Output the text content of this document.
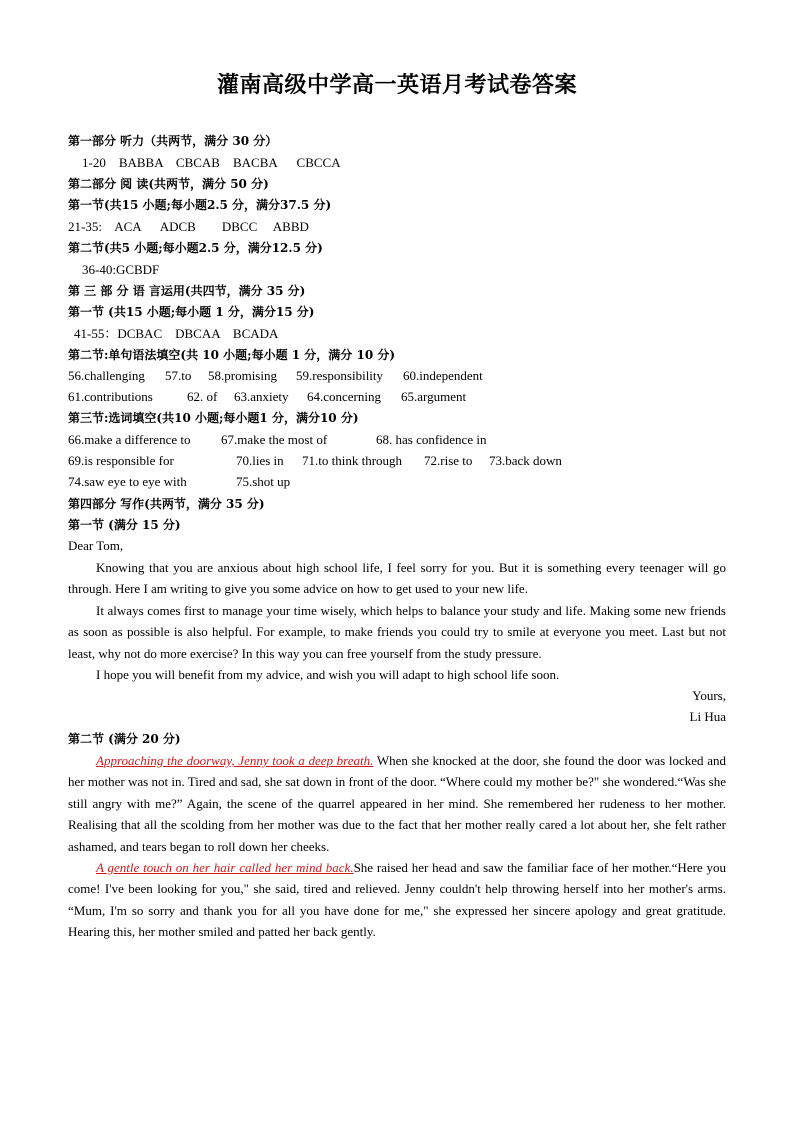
灌南高级中学高一英语月考试卷答案
第一部分 听力（共两节，满分 30 分）
1-20    BABBA    CBCAB    BACBA      CBCCA
第二部分 阅 读(共两节，满分 50 分)
第一节(共15 小题;每小题2.5 分，满分37.5 分)
21-35:    ACA      ADCB        DBCC     ABBD
第二节(共5 小题;每小题2.5 分，满分12.5 分)
36-40:GCBDF
第 三 部 分 语 言运用(共四节，满分 35 分)
第一节 (共15 小题;每小题 1 分，满分15 分)
41-55：DCBAC    DBCAA    BCADA
第二节:单句语法填空(共 10 小题;每小题 1 分，满分 10 分)
56.challenging 57.to 58.promising 59.responsibility 60.independent
61.contributions	62. of 63.anxiety 64.concerning 65.argument
第三节:选词填空(共10 小题;每小题1 分，满分10 分)
66.make a difference to 67.make the most of	68. has confidence in
69.is responsible for	70.lies in 71.to think through 72.rise to 73.back down
74.saw eye to eye with	75.shot up
第四部分 写作(共两节，满分 35 分)
第一节 (满分 15 分)
Dear Tom,
Knowing that you are anxious about high school life, I feel sorry for you. But it is something every teenager will go through. Here I am writing to give you some advice on how to get used to your new life.
It always comes first to manage your time wisely, which helps to balance your study and life. Making some new friends as soon as possible is also helpful. For example, to make friends you could try to smile at everyone you meet. Last but not least, why not do more exercise? In this way you can free yourself from the study pressure.
I hope you will benefit from my advice, and wish you will adapt to high school life soon.
Yours,
Li Hua
第二节 (满分 20 分)
Approaching the doorway, Jenny took a deep breath. When she knocked at the door, she found the door was locked and her mother was not in. Tired and sad, she sat down in front of the door. “Where could my mother be?" she wondered.“Was she still angry with me?” Again, the scene of the quarrel appeared in her mind. She remembered her rudeness to her mother. Realising that all the scolding from her mother was due to the fact that her mother really cared a lot about her, she felt rather ashamed, and tears began to roll down her cheeks.
A gentle touch on her hair called her mind back.She raised her head and saw the familiar face of her mother.“Here you come! I've been looking for you," she said, tired and relieved. Jenny couldn't help throwing herself into her mother's arms. “Mum, I'm so sorry and thank you for all you have done for me," she expressed her sincere apology and great gratitude. Hearing this, her mother smiled and patted her back gently.
